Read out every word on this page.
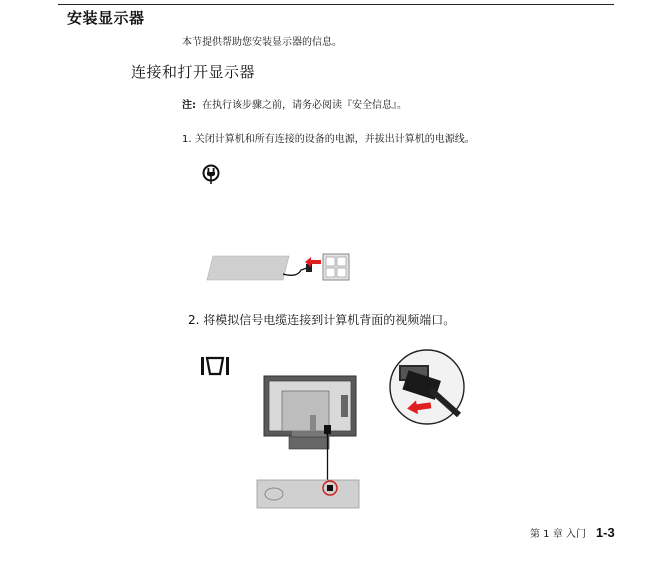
安装显示器
本节提供帮助您安装显示器的信息。
连接和打开显示器
注: 在执行该步骤之前，请务必阅读『安全信息』。
1. 关闭计算机和所有连接的设备的电源，并拔出计算机的电源线。
2. 将模拟信号电缆连接到计算机背面的视频端口。
第 1 章 入门 1-3
